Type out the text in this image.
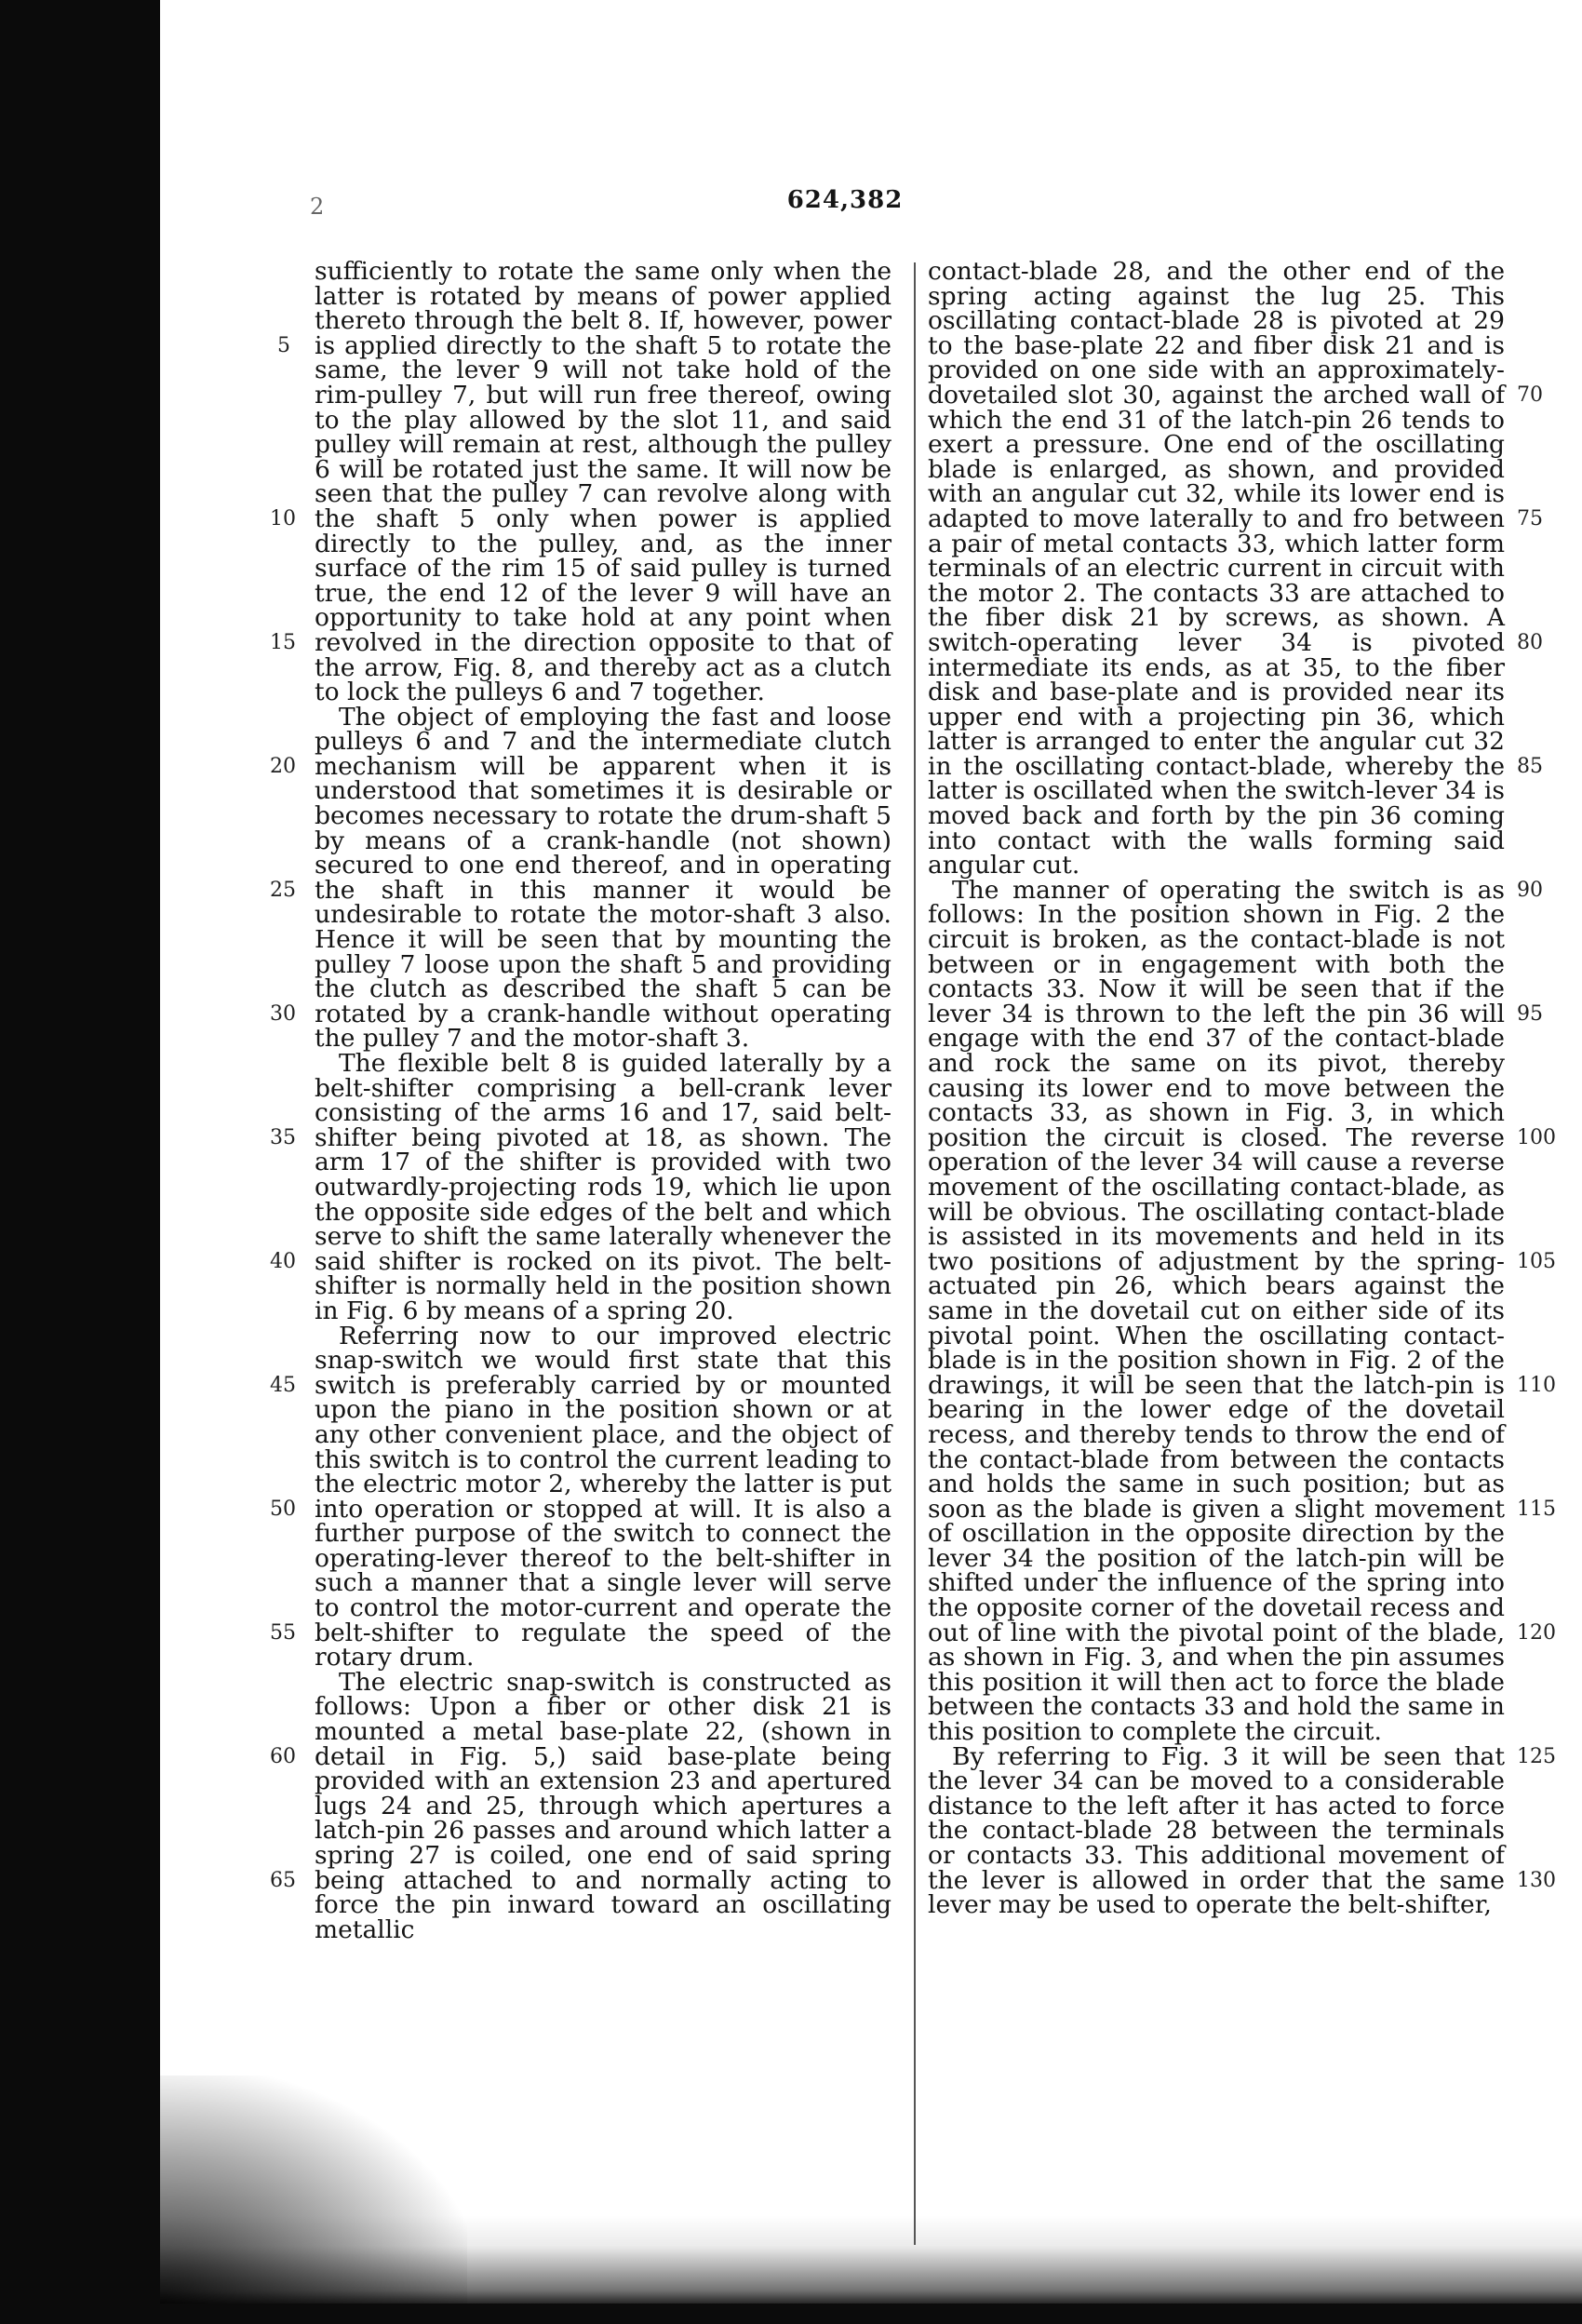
2	624,382

sufficiently to rotate the same only when the latter is rotated by means of power applied thereto through the belt 8. If, however, power is applied directly to the shaft 5 to rotate the same, the lever 9 will not take hold of the rim-pulley 7, but will run free thereof, owing to the play allowed by the slot 11, and said pulley will remain at rest, although the pulley 6 will be rotated just the same. It will now be seen that the pulley 7 can revolve along with the shaft 5 only when power is applied directly to the pulley, and, as the inner surface of the rim 15 of said pulley is turned true, the end 12 of the lever 9 will have an opportunity to take hold at any point when revolved in the direction opposite to that of the arrow, Fig. 8, and thereby act as a clutch to lock the pulleys 6 and 7 together.

The object of employing the fast and loose pulleys 6 and 7 and the intermediate clutch mechanism will be apparent when it is understood that sometimes it is desirable or becomes necessary to rotate the drum-shaft 5 by means of a crank-handle (not shown) secured to one end thereof, and in operating the shaft in this manner it would be undesirable to rotate the motor-shaft 3 also. Hence it will be seen that by mounting the pulley 7 loose upon the shaft 5 and providing the clutch as described the shaft 5 can be rotated by a crank-handle without operating the pulley 7 and the motor-shaft 3.

The flexible belt 8 is guided laterally by a belt-shifter comprising a bell-crank lever consisting of the arms 16 and 17, said belt-shifter being pivoted at 18, as shown. The arm 17 of the shifter is provided with two outwardly-projecting rods 19, which lie upon the opposite side edges of the belt and which serve to shift the same laterally whenever the said shifter is rocked on its pivot. The belt-shifter is normally held in the position shown in Fig. 6 by means of a spring 20.

Referring now to our improved electric snap-switch we would first state that this switch is preferably carried by or mounted upon the piano in the position shown or at any other convenient place, and the object of this switch is to control the current leading to the electric motor 2, whereby the latter is put into operation or stopped at will. It is also a further purpose of the switch to connect the operating-lever thereof to the belt-shifter in such a manner that a single lever will serve to control the motor-current and operate the belt-shifter to regulate the speed of the rotary drum.

The electric snap-switch is constructed as follows: Upon a fiber or other disk 21 is mounted a metal base-plate 22, (shown in detail in Fig. 5,) said base-plate being provided with an extension 23 and apertured lugs 24 and 25, through which apertures a latch-pin 26 passes and around which latter a spring 27 is coiled, one end of said spring being attached to and normally acting to force the pin inward toward an oscillating metallic

contact-blade 28, and the other end of the spring acting against the lug 25. This oscillating contact-blade 28 is pivoted at 29 to the base-plate 22 and fiber disk 21 and is provided on one side with an approximately-dovetailed slot 30, against the arched wall of which the end 31 of the latch-pin 26 tends to exert a pressure. One end of the oscillating blade is enlarged, as shown, and provided with an angular cut 32, while its lower end is adapted to move laterally to and fro between a pair of metal contacts 33, which latter form terminals of an electric current in circuit with the motor 2. The contacts 33 are attached to the fiber disk 21 by screws, as shown. A switch-operating lever 34 is pivoted intermediate its ends, as at 35, to the fiber disk and base-plate and is provided near its upper end with a projecting pin 36, which latter is arranged to enter the angular cut 32 in the oscillating contact-blade, whereby the latter is oscillated when the switch-lever 34 is moved back and forth by the pin 36 coming into contact with the walls forming said angular cut.

The manner of operating the switch is as follows: In the position shown in Fig. 2 the circuit is broken, as the contact-blade is not between or in engagement with both the contacts 33. Now it will be seen that if the lever 34 is thrown to the left the pin 36 will engage with the end 37 of the contact-blade and rock the same on its pivot, thereby causing its lower end to move between the contacts 33, as shown in Fig. 3, in which position the circuit is closed. The reverse operation of the lever 34 will cause a reverse movement of the oscillating contact-blade, as will be obvious. The oscillating contact-blade is assisted in its movements and held in its two positions of adjustment by the spring-actuated pin 26, which bears against the same in the dovetail cut on either side of its pivotal point. When the oscillating contact-blade is in the position shown in Fig. 2 of the drawings, it will be seen that the latch-pin is bearing in the lower edge of the dovetail recess, and thereby tends to throw the end of the contact-blade from between the contacts and holds the same in such position; but as soon as the blade is given a slight movement of oscillation in the opposite direction by the lever 34 the position of the latch-pin will be shifted under the influence of the spring into the opposite corner of the dovetail recess and out of line with the pivotal point of the blade, as shown in Fig. 3, and when the pin assumes this position it will then act to force the blade between the contacts 33 and hold the same in this position to complete the circuit.

By referring to Fig. 3 it will be seen that the lever 34 can be moved to a considerable distance to the left after it has acted to force the contact-blade 28 between the terminals or contacts 33. This additional movement of the lever is allowed in order that the same lever may be used to operate the belt-shifter,

5
10
15
20
25
30
35
40
45
50
55
60
65
70
75
80
85
90
95
100
105
110
115
120
125
130
